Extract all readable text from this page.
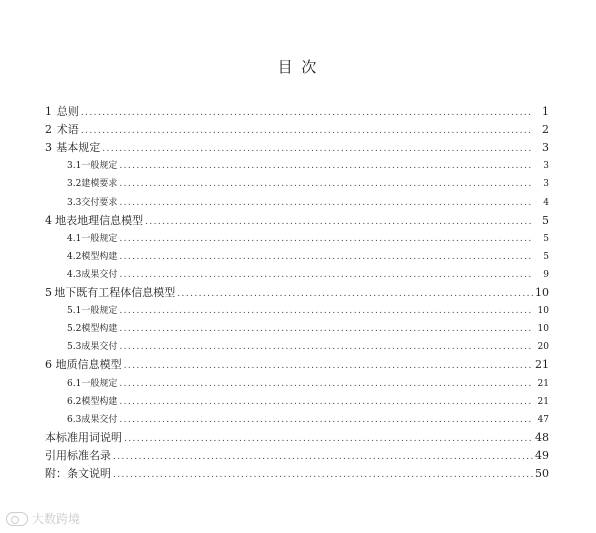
目 次
1 总则 .....	1
2 术语 .....	2
3 基本规定 .....	3
3.1 一般规定 .....	3
3.2 建模要求 .....	3
3.3 交付要求 .....	4
4 地表地理信息模型 .....	5
4.1 一般规定 .....	5
4.2 模型构建 .....	5
4.3 成果交付 .....	9
5 地下既有工程体信息模型 .....	10
5.1 一般规定 .....	10
5.2 模型构建 .....	10
5.3 成果交付 .....	20
6 地质信息模型 .....	21
6.1 一般规定 .....	21
6.2 模型构建 .....	21
6.3 成果交付 .....	47
本标准用词说明 .....	48
引用标准名录 .....	49
附：条文说明 .....	50
大数跨境
